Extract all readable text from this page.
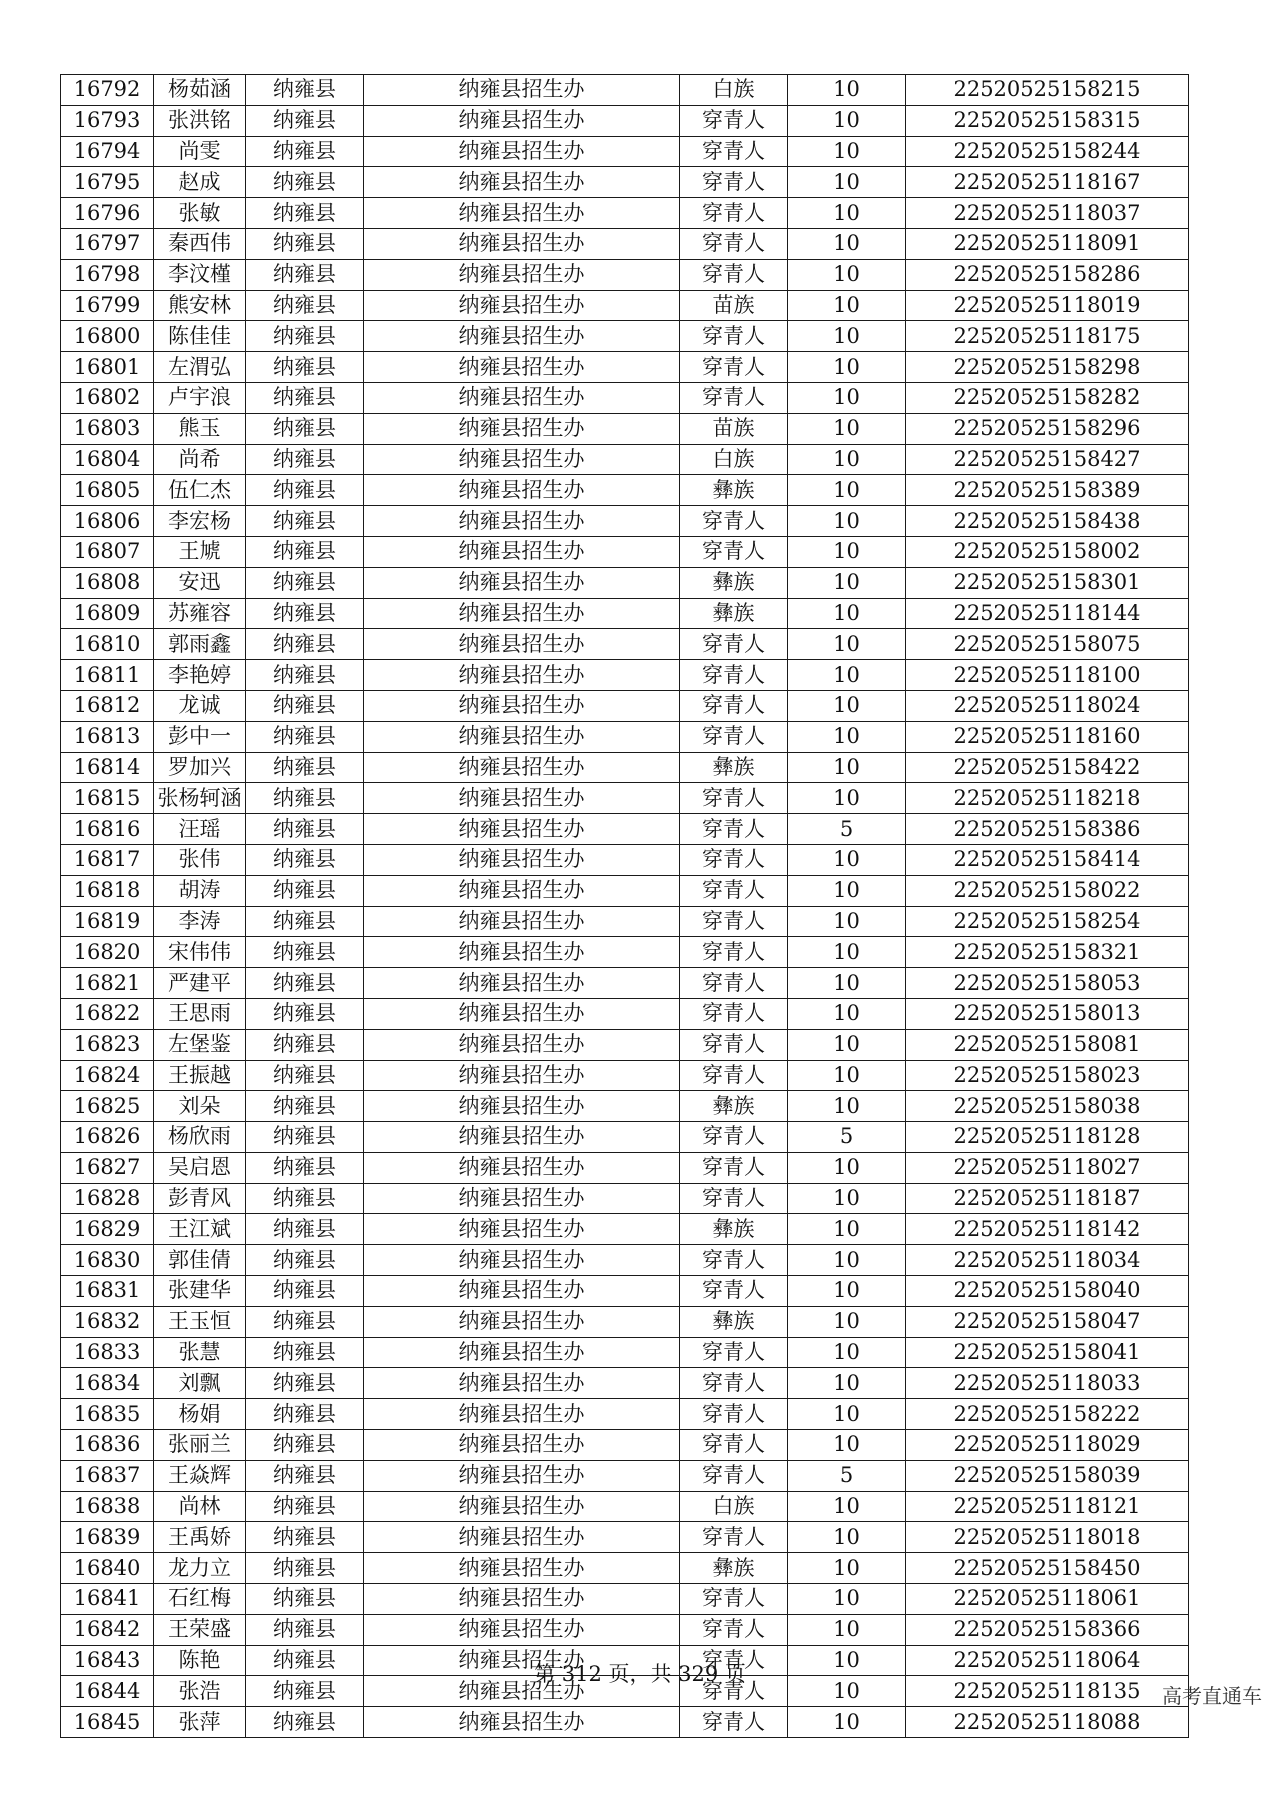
16792	杨茹涵	纳雍县	纳雍县招生办	白族	10	22520525158215
16793	张洪铭	纳雍县	纳雍县招生办	穿青人	10	22520525158315
16794	尚雯	纳雍县	纳雍县招生办	穿青人	10	22520525158244
16795	赵成	纳雍县	纳雍县招生办	穿青人	10	22520525118167
16796	张敏	纳雍县	纳雍县招生办	穿青人	10	22520525118037
16797	秦西伟	纳雍县	纳雍县招生办	穿青人	10	22520525118091
16798	李汶槿	纳雍县	纳雍县招生办	穿青人	10	22520525158286
16799	熊安林	纳雍县	纳雍县招生办	苗族	10	22520525118019
16800	陈佳佳	纳雍县	纳雍县招生办	穿青人	10	22520525118175
16801	左渭弘	纳雍县	纳雍县招生办	穿青人	10	22520525158298
16802	卢宇浪	纳雍县	纳雍县招生办	穿青人	10	22520525158282
16803	熊玉	纳雍县	纳雍县招生办	苗族	10	22520525158296
16804	尚希	纳雍县	纳雍县招生办	白族	10	22520525158427
16805	伍仁杰	纳雍县	纳雍县招生办	彝族	10	22520525158389
16806	李宏杨	纳雍县	纳雍县招生办	穿青人	10	22520525158438
16807	王虓	纳雍县	纳雍县招生办	穿青人	10	22520525158002
16808	安迅	纳雍县	纳雍县招生办	彝族	10	22520525158301
16809	苏雍容	纳雍县	纳雍县招生办	彝族	10	22520525118144
16810	郭雨鑫	纳雍县	纳雍县招生办	穿青人	10	22520525158075
16811	李艳婷	纳雍县	纳雍县招生办	穿青人	10	22520525118100
16812	龙诚	纳雍县	纳雍县招生办	穿青人	10	22520525118024
16813	彭中一	纳雍县	纳雍县招生办	穿青人	10	22520525118160
16814	罗加兴	纳雍县	纳雍县招生办	彝族	10	22520525158422
16815	张杨轲涵	纳雍县	纳雍县招生办	穿青人	10	22520525118218
16816	汪瑶	纳雍县	纳雍县招生办	穿青人	5	22520525158386
16817	张伟	纳雍县	纳雍县招生办	穿青人	10	22520525158414
16818	胡涛	纳雍县	纳雍县招生办	穿青人	10	22520525158022
16819	李涛	纳雍县	纳雍县招生办	穿青人	10	22520525158254
16820	宋伟伟	纳雍县	纳雍县招生办	穿青人	10	22520525158321
16821	严建平	纳雍县	纳雍县招生办	穿青人	10	22520525158053
16822	王思雨	纳雍县	纳雍县招生办	穿青人	10	22520525158013
16823	左堡鉴	纳雍县	纳雍县招生办	穿青人	10	22520525158081
16824	王振越	纳雍县	纳雍县招生办	穿青人	10	22520525158023
16825	刘朵	纳雍县	纳雍县招生办	彝族	10	22520525158038
16826	杨欣雨	纳雍县	纳雍县招生办	穿青人	5	22520525118128
16827	吴启恩	纳雍县	纳雍县招生办	穿青人	10	22520525118027
16828	彭青风	纳雍县	纳雍县招生办	穿青人	10	22520525118187
16829	王江斌	纳雍县	纳雍县招生办	彝族	10	22520525118142
16830	郭佳倩	纳雍县	纳雍县招生办	穿青人	10	22520525118034
16831	张建华	纳雍县	纳雍县招生办	穿青人	10	22520525158040
16832	王玉恒	纳雍县	纳雍县招生办	彝族	10	22520525158047
16833	张慧	纳雍县	纳雍县招生办	穿青人	10	22520525158041
16834	刘飘	纳雍县	纳雍县招生办	穿青人	10	22520525118033
16835	杨娟	纳雍县	纳雍县招生办	穿青人	10	22520525158222
16836	张丽兰	纳雍县	纳雍县招生办	穿青人	10	22520525118029
16837	王焱辉	纳雍县	纳雍县招生办	穿青人	5	22520525158039
16838	尚林	纳雍县	纳雍县招生办	白族	10	22520525118121
16839	王禹娇	纳雍县	纳雍县招生办	穿青人	10	22520525118018
16840	龙力立	纳雍县	纳雍县招生办	彝族	10	22520525158450
16841	石红梅	纳雍县	纳雍县招生办	穿青人	10	22520525118061
16842	王荣盛	纳雍县	纳雍县招生办	穿青人	10	22520525158366
16843	陈艳	纳雍县	纳雍县招生办	穿青人	10	22520525118064
16844	张浩	纳雍县	纳雍县招生办	穿青人	10	22520525118135
16845	张萍	纳雍县	纳雍县招生办	穿青人	10	22520525118088
第 312 页，共 329 页
高考直通车
